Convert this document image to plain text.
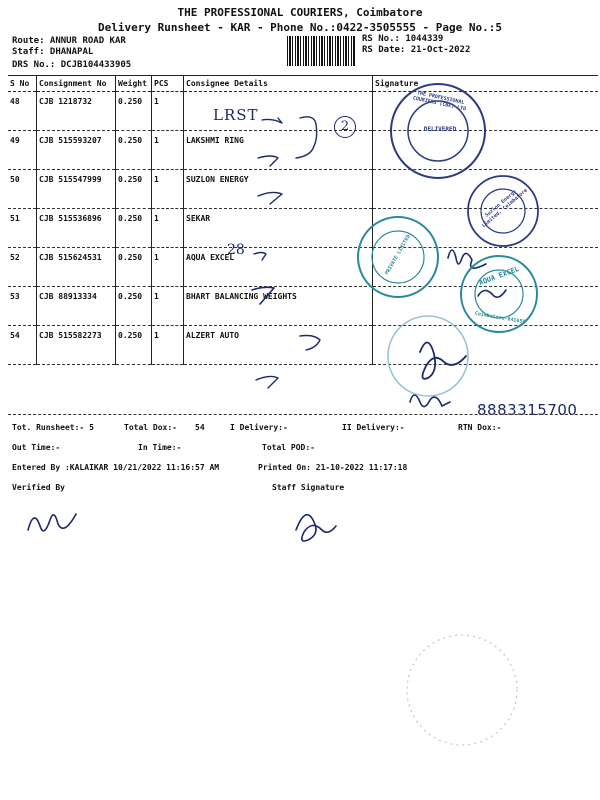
THE PROFESSIONAL COURIERS, Coimbatore
Delivery Runsheet - KAR - Phone No.:0422-3505555 - Page No.:5
Route: ANNUR ROAD KAR
Staff: DHANAPAL
DRS No.: DCJB104433905
RS No.: 1044339
RS Date: 21-Oct-2022
S No	Consignment No	Weight	PCS	Consignee Details	Signature
48	CJB 1218732	0.250	1		
49	CJB 515593207	0.250	1	LAKSHMI RING	
50	CJB 515547999	0.250	1	SUZLON ENERGY	
51	CJB 515536896	0.250	1	SEKAR	
52	CJB 515624531	0.250	1	AQUA EXCEL	
53	CJB 88913334	0.250	1	BHART BALANCING WEIGHTS	
54	CJB 515582273	0.250	1	ALZERT AUTO	
LRST
2
28
8883315700
THE PROFESSIONAL COURIERS (CBE) LTD
DELIVERED
Suzlon Energy Limited, Coimbatore
PRIVATE LIMITED	AQUA EXCEL
Coimbatore-641659
Tot. Runsheet:- 5	Total Dox:- 54	I Delivery:-	II Delivery:-	RTN Dox:-
Out Time:-	In Time:-	Total POD:-
Entered By :KALAIKAR 10/21/2022 11:16:57 AM	Printed On: 21-10-2022 11:17:18
Verified By	Staff Signature
